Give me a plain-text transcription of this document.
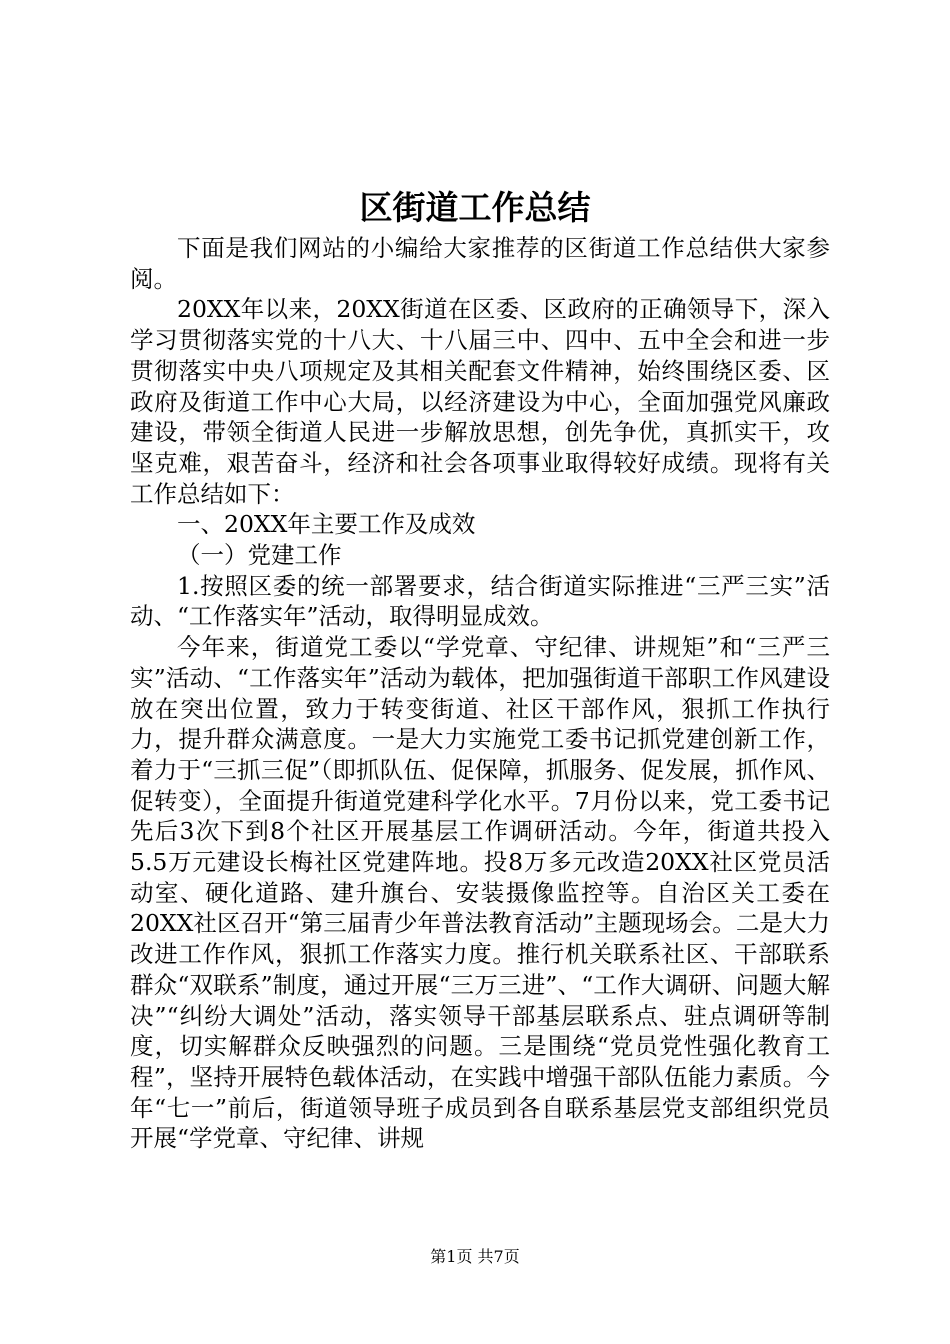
区街道工作总结

下面是我们网站的小编给大家推荐的区街道工作总结供大家参阅。

20XX年以来，20XX街道在区委、区政府的正确领导下，深入学习贯彻落实党的十八大、十八届三中、四中、五中全会和进一步贯彻落实中央八项规定及其相关配套文件精神，始终围绕区委、区政府及街道工作中心大局，以经济建设为中心，全面加强党风廉政建设，带领全街道人民进一步解放思想，创先争优，真抓实干，攻坚克难，艰苦奋斗，经济和社会各项事业取得较好成绩。现将有关工作总结如下：

一、20XX年主要工作及成效

（一）党建工作

1.按照区委的统一部署要求，结合街道实际推进“三严三实”活动、“工作落实年”活动，取得明显成效。

今年来，街道党工委以“学党章、守纪律、讲规矩”和“三严三实”活动、“工作落实年”活动为载体，把加强街道干部职工作风建设放在突出位置，致力于转变街道、社区干部作风，狠抓工作执行力，提升群众满意度。一是大力实施党工委书记抓党建创新工作，着力于“三抓三促”（即抓队伍、促保障，抓服务、促发展，抓作风、促转变），全面提升街道党建科学化水平。7月份以来，党工委书记先后3次下到8个社区开展基层工作调研活动。今年，街道共投入5.5万元建设长梅社区党建阵地。投8万多元改造20XX社区党员活动室、硬化道路、建升旗台、安装摄像监控等。自治区关工委在20XX社区召开“第三届青少年普法教育活动”主题现场会。二是大力改进工作作风，狠抓工作落实力度。推行机关联系社区、干部联系群众“双联系”制度，通过开展“三万三进”、“工作大调研、问题大解决”“纠纷大调处”活动，落实领导干部基层联系点、驻点调研等制度，切实解群众反映强烈的问题。三是围绕“党员党性强化教育工程”，坚持开展特色载体活动，在实践中增强干部队伍能力素质。今年“七一”前后，街道领导班子成员到各自联系基层党支部组织党员开展“学党章、守纪律、讲规

第1页 共7页
